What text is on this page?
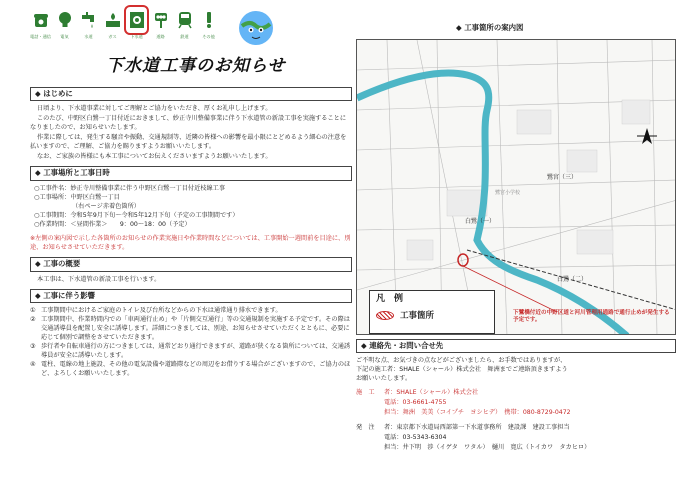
電話・通信 電気	水道	ガス	下水道	道路	鉄道	その他
下水道工事のお知らせ
◆ はじめに

日頃より、下水道事業に対してご理解とご協力をいただき、厚くお礼申し上げます。

このたび、中野区白鷺一丁目付近におきまして、妙正寺川整備事業に伴う下水道管の新設工事を実施することになりましたので、お知らせいたします。

作業に際しては、発生する騒音や振動、交通規制等、近隣の皆様への影響を最小限にとどめるよう細心の注意を払いますので、ご理解、ご協力を賜りますようお願いいたします。

なお、ご家族の皆様にも本工事についてお伝えくださいますようお願いいたします。

◆ 工事場所と工事日時
○工事件名：妙正寺川整備事業に伴う中野区白鷺一丁目付近枝線工事
○工事場所：中野区白鷺一丁目
（右ページ赤着色箇所）
○工事期間：令和5年9月下旬～令和5年12月下旬（予定の工事期間です）
○作業時間：＜昼間作業＞　　9：00～18：00（予定）

※左側の案内図で示した各箇所のお知らせの作業実施日や作業時間などについては、工事開始一週間前を目途に、別途、お知らせさせていただきます。

◆ 工事の概要

本工事は、下水道管の新設工事を行います。

◆ 工事に伴う影響
① 工事期間中におけるご家庭のトイレ及び台所などからの下水は通常通り排水できます。
② 工事期間中、作業時間内での「車両通行止め」や「片側交互通行」等の交通規制を実施する予定です。その際は交通誘導員を配置し安全に誘導します。詳細につきましては、別途、お知らせさせていただくとともに、必要に応じて個別で調整をさせていただきます。
③ 歩行者や自転車通行の方につきましては、通常どおり通行できますが、道路が狭くなる箇所については、交通誘導員が安全に誘導いたします。
④ 電柱、電線の地上施設、その他の電気設備や道路際などの周辺をお借りする場合がございますので、ご協力のほど、よろしくお願いいたします。
◆ 工事箇所の案内図
白鷺（一）
鷺宮（三）
白鷺（二）
鷺宮小学校
凡　例
工事箇所	下鷺橋付近の中野区道と河川管理用通路で通行止めが発生する予定です。
◆ 連絡先・お問い合せ先

ご不明な点、お気づきの点などがございましたら、お手数ではありますが、

下記の施工者：SHALE（シャール）株式会社　舞洲までご連絡頂きますよう

お願いいたします。

施　工	者：SHALE（シャール）株式会社
電話：03-6661-4755
担当：舞洲　美美（コイプチ　ヨシヒデ）　携帯：080-8729-0472
発　注	者：東京都下水道局西部第一下水道事務所　建設課　建設工事担当
電話：03-5343-6304
担当：井下明　渉（イゲタ　ワタル）　樋川　寛広（トイカワ　タカヒロ）
